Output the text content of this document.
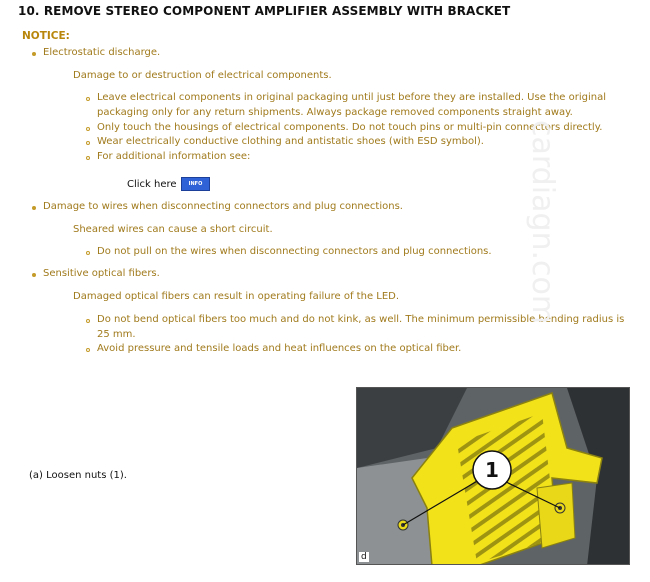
10. REMOVE STEREO COMPONENT AMPLIFIER ASSEMBLY WITH BRACKET
NOTICE:
Electrostatic discharge.
Damage to or destruction of electrical components.
Leave electrical components in original packaging until just before they are installed. Use the original packaging only for any return shipments. Always package removed components straight away.
Only touch the housings of electrical components. Do not touch pins or multi-pin connectors directly.
Wear electrically conductive clothing and antistatic shoes (with ESD symbol).
For additional information see:
Click here	INFO
Damage to wires when disconnecting connectors and plug connections.
Sheared wires can cause a short circuit.
Do not pull on the wires when disconnecting connectors and plug connections.
Sensitive optical fibers.
Damaged optical fibers can result in operating failure of the LED.
Do not bend optical fibers too much and do not kink, as well. The minimum permissible bending radius is 25 mm.
Avoid pressure and tensile loads and heat influences on the optical fiber.
cardiagn.com
(a) Loosen nuts (1).	1
d
